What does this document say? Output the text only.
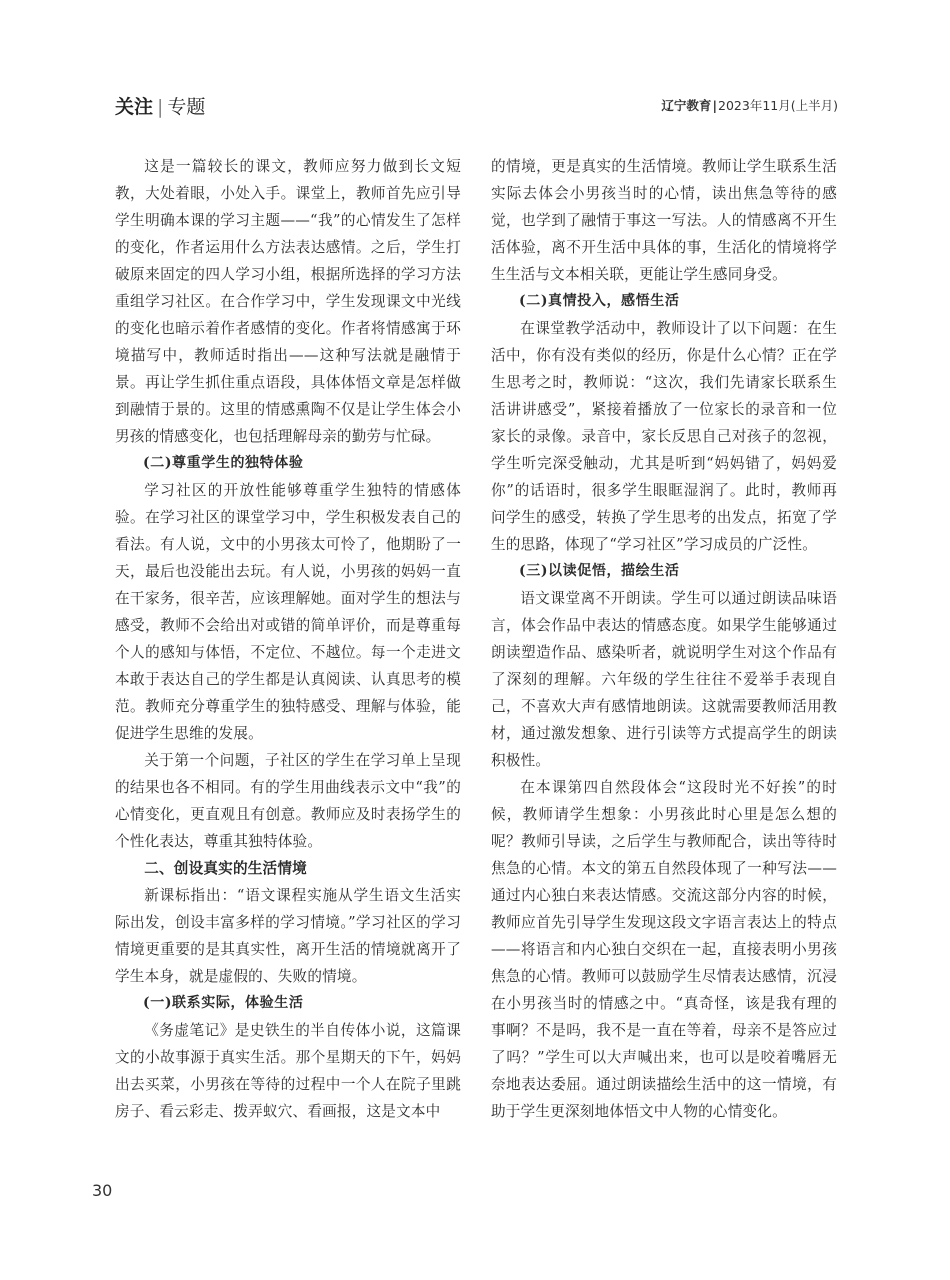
关注 | 专题	辽宁教育|2023年11月(上半月)

这是一篇较长的课文，教师应努力做到长文短教，大处着眼，小处入手。课堂上，教师首先应引导学生明确本课的学习主题——“我”的心情发生了怎样的变化，作者运用什么方法表达感情。之后，学生打破原来固定的四人学习小组，根据所选择的学习方法重组学习社区。在合作学习中，学生发现课文中光线的变化也暗示着作者感情的变化。作者将情感寓于环境描写中，教师适时指出——这种写法就是融情于景。再让学生抓住重点语段，具体体悟文章是怎样做到融情于景的。这里的情感熏陶不仅是让学生体会小男孩的情感变化，也包括理解母亲的勤劳与忙碌。

(二)尊重学生的独特体验

学习社区的开放性能够尊重学生独特的情感体验。在学习社区的课堂学习中，学生积极发表自己的看法。有人说，文中的小男孩太可怜了，他期盼了一天，最后也没能出去玩。有人说，小男孩的妈妈一直在干家务，很辛苦，应该理解她。面对学生的想法与感受，教师不会给出对或错的简单评价，而是尊重每个人的感知与体悟，不定位、不越位。每一个走进文本敢于表达自己的学生都是认真阅读、认真思考的模范。教师充分尊重学生的独特感受、理解与体验，能促进学生思维的发展。

关于第一个问题，子社区的学生在学习单上呈现的结果也各不相同。有的学生用曲线表示文中“我”的心情变化，更直观且有创意。教师应及时表扬学生的个性化表达，尊重其独特体验。

二、创设真实的生活情境

新课标指出：“语文课程实施从学生语文生活实际出发，创设丰富多样的学习情境。”学习社区的学习情境更重要的是其真实性，离开生活的情境就离开了学生本身，就是虚假的、失败的情境。

(一)联系实际，体验生活

《务虚笔记》是史铁生的半自传体小说，这篇课文的小故事源于真实生活。那个星期天的下午，妈妈出去买菜，小男孩在等待的过程中一个人在院子里跳房子、看云彩走、拨弄蚁穴、看画报，这是文本中

的情境，更是真实的生活情境。教师让学生联系生活实际去体会小男孩当时的心情，读出焦急等待的感觉，也学到了融情于事这一写法。人的情感离不开生活体验，离不开生活中具体的事，生活化的情境将学生生活与文本相关联，更能让学生感同身受。

(二)真情投入，感悟生活

在课堂教学活动中，教师设计了以下问题：在生活中，你有没有类似的经历，你是什么心情？正在学生思考之时，教师说：“这次，我们先请家长联系生活讲讲感受”，紧接着播放了一位家长的录音和一位家长的录像。录音中，家长反思自己对孩子的忽视，学生听完深受触动，尤其是听到“妈妈错了，妈妈爱你”的话语时，很多学生眼眶湿润了。此时，教师再问学生的感受，转换了学生思考的出发点，拓宽了学生的思路，体现了“学习社区”学习成员的广泛性。

(三)以读促悟，描绘生活

语文课堂离不开朗读。学生可以通过朗读品味语言，体会作品中表达的情感态度。如果学生能够通过朗读塑造作品、感染听者，就说明学生对这个作品有了深刻的理解。六年级的学生往往不爱举手表现自己，不喜欢大声有感情地朗读。这就需要教师活用教材，通过激发想象、进行引读等方式提高学生的朗读积极性。

在本课第四自然段体会“这段时光不好挨”的时候，教师请学生想象：小男孩此时心里是怎么想的呢？教师引导读，之后学生与教师配合，读出等待时焦急的心情。本文的第五自然段体现了一种写法——通过内心独白来表达情感。交流这部分内容的时候，教师应首先引导学生发现这段文字语言表达上的特点——将语言和内心独白交织在一起，直接表明小男孩焦急的心情。教师可以鼓励学生尽情表达感情，沉浸在小男孩当时的情感之中。“真奇怪，该是我有理的事啊？不是吗，我不是一直在等着，母亲不是答应过了吗？”学生可以大声喊出来，也可以是咬着嘴唇无奈地表达委屈。通过朗读描绘生活中的这一情境，有助于学生更深刻地体悟文中人物的心情变化。

30
